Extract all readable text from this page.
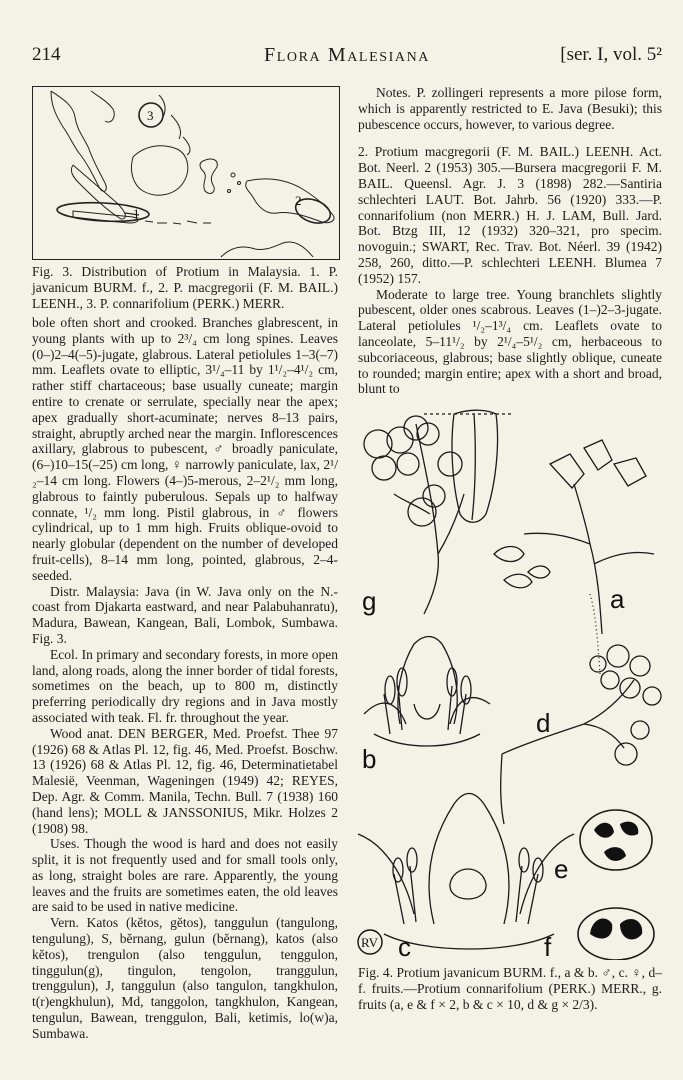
214	Flora Malesiana	[ser. I, vol. 5²
3
1
2
Fig. 3. Distribution of Protium in Malaysia. 1. P. javanicum BURM. f., 2. P. macgregorii (F. M. BAIL.) LEENH., 3. P. connarifolium (PERK.) MERR.

bole often short and crooked. Branches glabrescent, in young plants with up to 2³/₄ cm long spines. Leaves (0–)2–4(–5)-jugate, glabrous. Lateral petiolules 1–3(–7) mm. Leaflets ovate to elliptic, 3¹/₄–11 by 1¹/₂–4¹/₂ cm, rather stiff chartaceous; base usually cuneate; margin entire to crenate or serrulate, specially near the apex; apex gradually short-acuminate; nerves 8–13 pairs, straight, abruptly arched near the margin. Inflorescences axillary, glabrous to pubescent, ♂ broadly paniculate, (6–)10–15(–25) cm long, ♀ narrowly paniculate, lax, 2¹/₂–14 cm long. Flowers (4–)5-merous, 2–2¹/₂ mm long, glabrous to faintly puberulous. Sepals up to halfway connate, ¹/₂ mm long. Pistil glabrous, in ♂ flowers cylindrical, up to 1 mm high. Fruits oblique-ovoid to nearly globular (dependent on the number of developed fruit-cells), 8–14 mm long, pointed, glabrous, 2–4-seeded.

Distr. Malaysia: Java (in W. Java only on the N.-coast from Djakarta eastward, and near Palabuhanratu), Madura, Bawean, Kangean, Bali, Lombok, Sumbawa. Fig. 3.

Ecol. In primary and secondary forests, in more open land, along roads, along the inner border of tidal forests, sometimes on the beach, up to 800 m, distinctly preferring periodically dry regions and in Java mostly associated with teak. Fl. fr. throughout the year.

Wood anat. DEN BERGER, Med. Proefst. Thee 97 (1926) 68 & Atlas Pl. 12, fig. 46, Med. Proefst. Boschw. 13 (1926) 68 & Atlas Pl. 12, fig. 46, Determinatietabel Malesië, Veenman, Wageningen (1949) 42; REYES, Dep. Agr. & Comm. Manila, Techn. Bull. 7 (1938) 160 (hand lens); MOLL & JANSSONIUS, Mikr. Holzes 2 (1908) 98.

Uses. Though the wood is hard and does not easily split, it is not frequently used and for small tools only, as long, straight boles are rare. Apparently, the young leaves and the fruits are sometimes eaten, the old leaves are said to be used in native medicine.

Vern. Katos (kĕtos, gĕtos), tanggulun (tangulong, tengulung), S, bĕrnang, gulun (bĕrnang), katos (also kĕtos), trengulon (also tenggulun, tenggulon, tinggulun(g), tingulon, tengolon, tranggulun, trenggulun), J, tanggulun (also tangulon, tangkhulon, t(r)engkhulun), Md, tanggolon, tangkhulon, Kangean, tengulun, Bawean, trenggulon, Bali, ketimis, lo(w)a, Sumbawa.

Notes. P. zollingeri represents a more pilose form, which is apparently restricted to E. Java (Besuki); this pubescence occurs, however, to various degree.

2. Protium macgregorii (F. M. BAIL.) LEENH. Act. Bot. Neerl. 2 (1953) 305.—Bursera macgregorii F. M. BAIL. Queensl. Agr. J. 3 (1898) 282.—Santiria schlechteri LAUT. Bot. Jahrb. 56 (1920) 333.—P. connarifolium (non MERR.) H. J. LAM, Bull. Jard. Bot. Btzg III, 12 (1932) 320–321, pro specim. novoguin.; SWART, Rec. Trav. Bot. Néerl. 39 (1942) 258, 260, ditto.—P. schlechteri LEENH. Blumea 7 (1952) 157.

Moderate to large tree. Young branchlets slightly pubescent, older ones scabrous. Leaves (1–)2–3-jugate. Lateral petiolules ¹/₂–1³/₄ cm. Leaflets ovate to lanceolate, 5–11¹/₂ by 2¹/₄–5¹/₂ cm, herbaceous to subcoriaceous, glabrous; base slightly oblique, cuneate to rounded; margin entire; apex with a short and broad, blunt to

g	a
b
d
e
c	f
RV
Fig. 4. Protium javanicum BURM. f., a & b. ♂, c. ♀, d–f. fruits.—Protium connarifolium (PERK.) MERR., g. fruits (a, e & f × 2, b & c × 10, d & g × 2/3).
